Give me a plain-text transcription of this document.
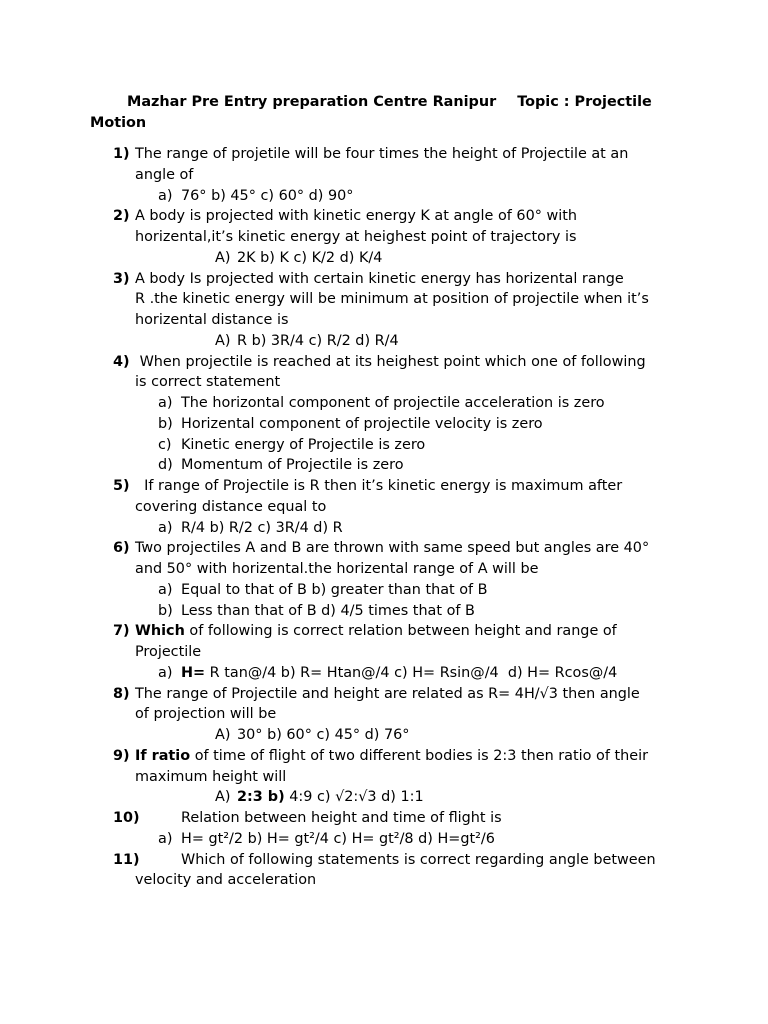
Mazhar Pre Entry preparation Centre Ranipur Topic : Projectile
Motion
1) The range of projetile will be four times the height of Projectile at an
angle of
a) 76° b) 45° c) 60° d) 90°
2) A body is projected with kinetic energy K at angle of 60° with
horizental,it’s kinetic energy at heighest point of trajectory is
A) 2K b) K c) K/2 d) K/4
3) A body Is projected with certain kinetic energy has horizental range
R .the kinetic energy will be minimum at position of projectile when it’s
horizental distance is
A) R b) 3R/4 c) R/2 d) R/4
4) When projectile is reached at its heighest point which one of following
is correct statement
a) The horizontal component of projectile acceleration is zero
b) Horizental component of projectile velocity is zero
c) Kinetic energy of Projectile is zero
d) Momentum of Projectile is zero
5) If range of Projectile is R then it’s kinetic energy is maximum after
covering distance equal to
a) R/4 b) R/2 c) 3R/4 d) R
6) Two projectiles A and B are thrown with same speed but angles are 40°
and 50° with horizental.the horizental range of A will be
a) Equal to that of B b) greater than that of B
b) Less than that of B d) 4/5 times that of B
7) Which of following is correct relation between height and range of
Projectile
a) H= R tan@/4 b) R= Htan@/4 c) H= Rsin@/4  d) H= Rcos@/4
8) The range of Projectile and height are related as R= 4H/√3 then angle
of projection will be
A) 30° b) 60° c) 45° d) 76°
9) If ratio of time of flight of two different bodies is 2:3 then ratio of their
maximum height will
A) 2:3 b) 4:9 c) √2:√3 d) 1:1
10)	Relation between height and time of flight is
a) H= gt²/2 b) H= gt²/4 c) H= gt²/8 d) H=gt²/6
11)	Which of following statements is correct regarding angle between
velocity and acceleration
